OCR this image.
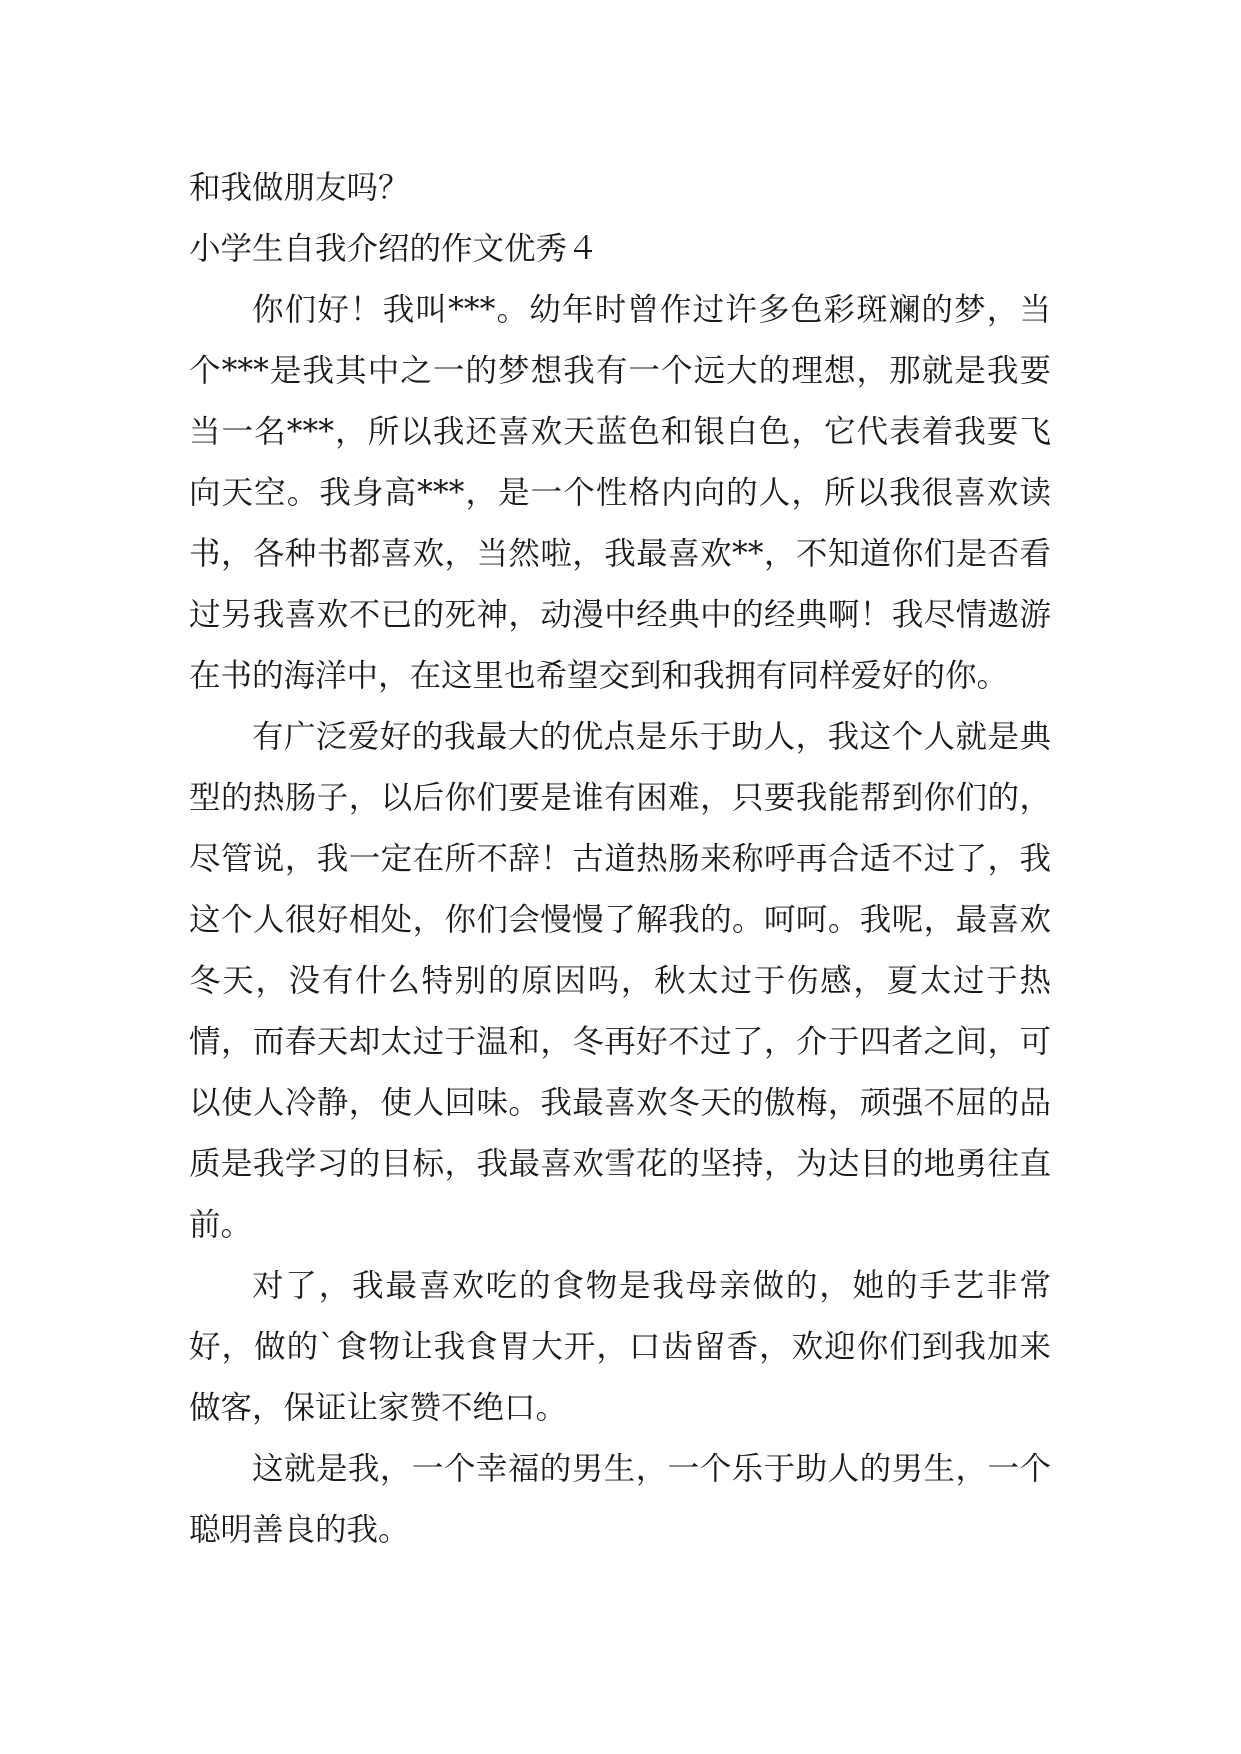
和我做朋友吗？
小学生自我介绍的作文优秀４

你们好！我叫***。幼年时曾作过许多色彩斑斓的梦，当个***是我其中之一的梦想我有一个远大的理想，那就是我要当一名***，所以我还喜欢天蓝色和银白色，它代表着我要飞向天空。我身高***，是一个性格内向的人，所以我很喜欢读书，各种书都喜欢，当然啦，我最喜欢**，不知道你们是否看过另我喜欢不已的死神，动漫中经典中的经典啊！我尽情遨游在书的海洋中，在这里也希望交到和我拥有同样爱好的你。

有广泛爱好的我最大的优点是乐于助人，我这个人就是典型的热肠子，以后你们要是谁有困难，只要我能帮到你们的，尽管说，我一定在所不辞！古道热肠来称呼再合适不过了，我这个人很好相处，你们会慢慢了解我的。呵呵。我呢，最喜欢冬天，没有什么特别的原因吗，秋太过于伤感，夏太过于热情，而春天却太过于温和，冬再好不过了，介于四者之间，可以使人冷静，使人回味。我最喜欢冬天的傲梅，顽强不屈的品质是我学习的目标，我最喜欢雪花的坚持，为达目的地勇往直前。

对了，我最喜欢吃的食物是我母亲做的，她的手艺非常好，做的`食物让我食胃大开，口齿留香，欢迎你们到我加来做客，保证让家赞不绝口。

这就是我，一个幸福的男生，一个乐于助人的男生，一个聪明善良的我。
